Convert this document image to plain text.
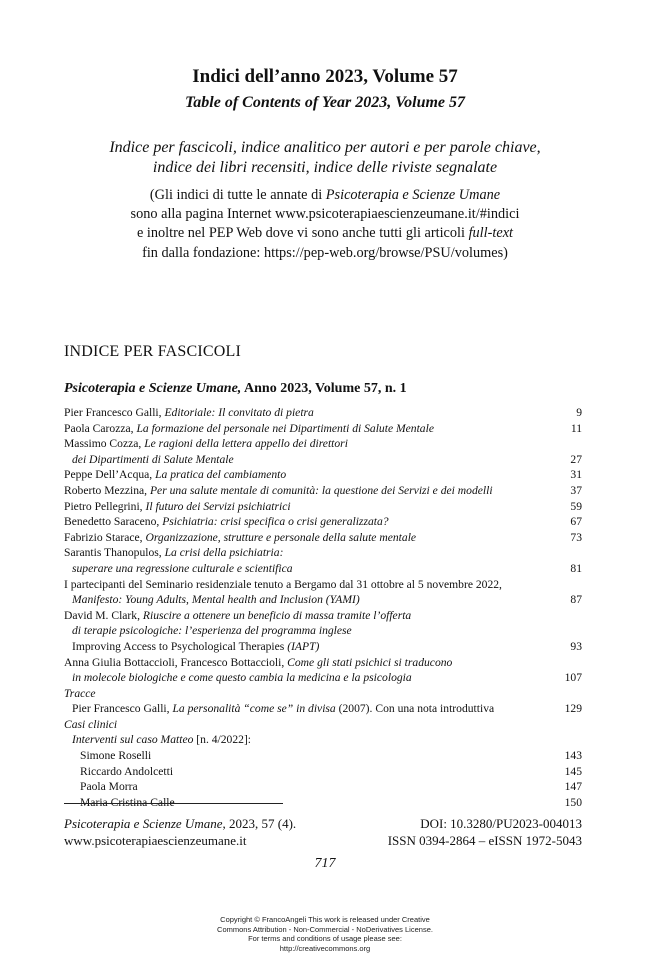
Indici dell’anno 2023, Volume 57
Table of Contents of Year 2023, Volume 57
Indice per fascicoli, indice analitico per autori e per parole chiave,
indice dei libri recensiti, indice delle riviste segnalate
(Gli indici di tutte le annate di Psicoterapia e Scienze Umane
sono alla pagina Internet www.psicoterapiaescienzeumane.it/#indici
e inoltre nel PEP Web dove vi sono anche tutti gli articoli full-text
fin dalla fondazione: https://pep-web.org/browse/PSU/volumes)
INDICE PER FASCICOLI
Psicoterapia e Scienze Umane, Anno 2023, Volume 57, n. 1
Pier Francesco Galli, Editoriale: Il convitato di pietra	9
Paola Carozza, La formazione del personale nei Dipartimenti di Salute Mentale	11
Massimo Cozza, Le ragioni della lettera appello dei direttori
dei Dipartimenti di Salute Mentale	27
Peppe Dell’Acqua, La pratica del cambiamento	31
Roberto Mezzina, Per una salute mentale di comunità: la questione dei Servizi e dei modelli	37
Pietro Pellegrini, Il futuro dei Servizi psichiatrici	59
Benedetto Saraceno, Psichiatria: crisi specifica o crisi generalizzata?	67
Fabrizio Starace, Organizzazione, strutture e personale della salute mentale	73
Sarantis Thanopulos, La crisi della psichiatria:
superare una regressione culturale e scientifica	81
I partecipanti del Seminario residenziale tenuto a Bergamo dal 31 ottobre al 5 novembre 2022,
Manifesto: Young Adults, Mental health and Inclusion (YAMI)	87
David M. Clark, Riuscire a ottenere un beneficio di massa tramite l’offerta
di terapie psicologiche: l’esperienza del programma inglese
Improving Access to Psychological Therapies (IAPT)	93
Anna Giulia Bottaccioli, Francesco Bottaccioli, Come gli stati psichici si traducono
in molecole biologiche e come questo cambia la medicina e la psicologia	107
Tracce
Pier Francesco Galli, La personalità “come se” in divisa (2007). Con una nota introduttiva	129
Casi clinici
Interventi sul caso Matteo [n. 4/2022]:
Simone Roselli	143
Riccardo Andolcetti	145
Paola Morra	147
Maria Cristina Calle	150
Psicoterapia e Scienze Umane, 2023, 57 (4).	DOI: 10.3280/PU2023-004013
www.psicoterapiaescienzeumane.it	ISSN 0394-2864 – eISSN 1972-5043
717
Copyright © FrancoAngeli This work is released under Creative
Commons Attribution - Non-Commercial - NoDerivatives License.
For terms and conditions of usage please see:
http://creativecommons.org
